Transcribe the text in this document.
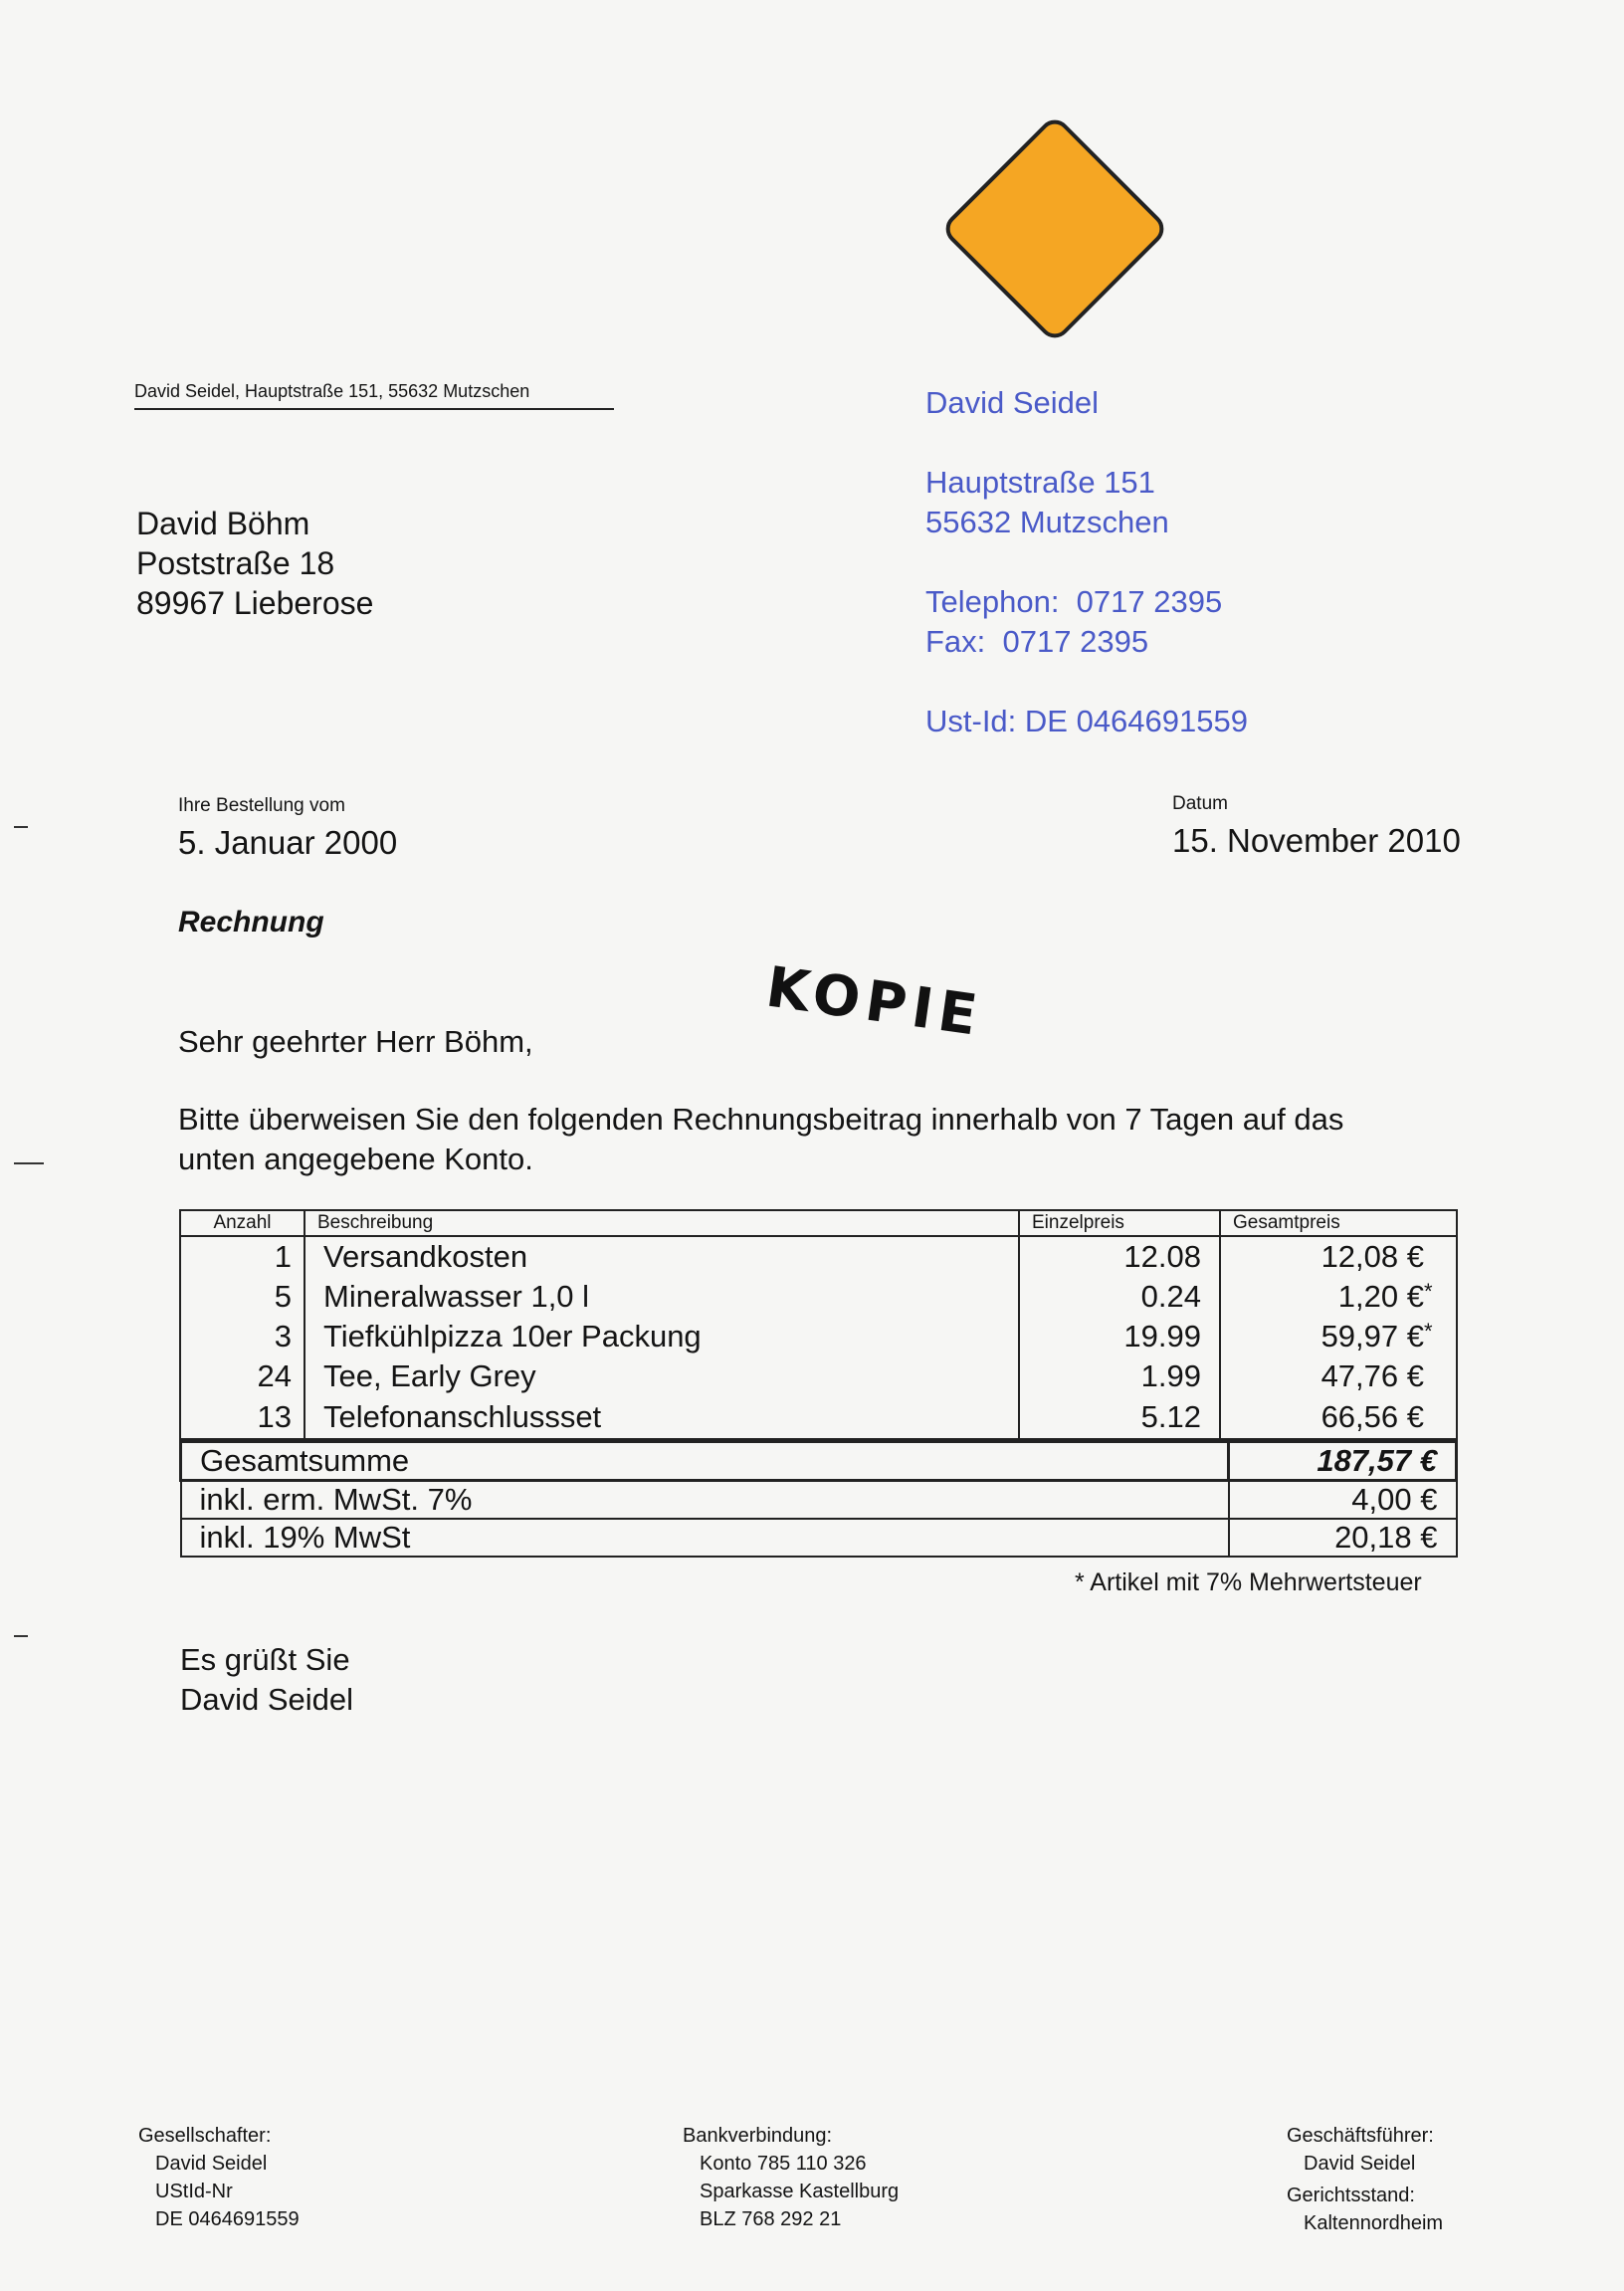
David Seidel, Hauptstraße 151, 55632 Mutzschen
David Böhm
Poststraße 18
89967 Lieberose
David Seidel
Hauptstraße 151
55632 Mutzschen
Telephon:  0717 2395
Fax:  0717 2395
Ust-Id: DE 0464691559
Ihre Bestellung vom
5. Januar 2000
Datum
15. November 2010
Rechnung
KOPIE
Sehr geehrter Herr Böhm,
Bitte überweisen Sie den folgenden Rechnungsbeitrag innerhalb von 7 Tagen auf das
unten angegebene Konto.
Anzahl	Beschreibung	Einzelpreis	Gesamtpreis
1	Versandkosten	12.08	12,08 €
5	Mineralwasser 1,0 l	0.24	1,20 €*
3	Tiefkühlpizza 10er Packung	19.99	59,97 €*
24	Tee, Early Grey	1.99	47,76 €
13	Telefonanschlussset	5.12	66,56 €
Gesamtsumme	187,57 €
inkl. erm. MwSt. 7%	4,00 €
inkl. 19% MwSt	20,18 €
* Artikel mit 7% Mehrwertsteuer
Es grüßt Sie
David Seidel
Gesellschafter:
David Seidel
UStId-Nr
DE 0464691559
Bankverbindung:
Konto 785 110 326
Sparkasse Kastellburg
BLZ 768 292 21
Geschäftsführer:
David Seidel
Gerichtsstand:
Kaltennordheim
